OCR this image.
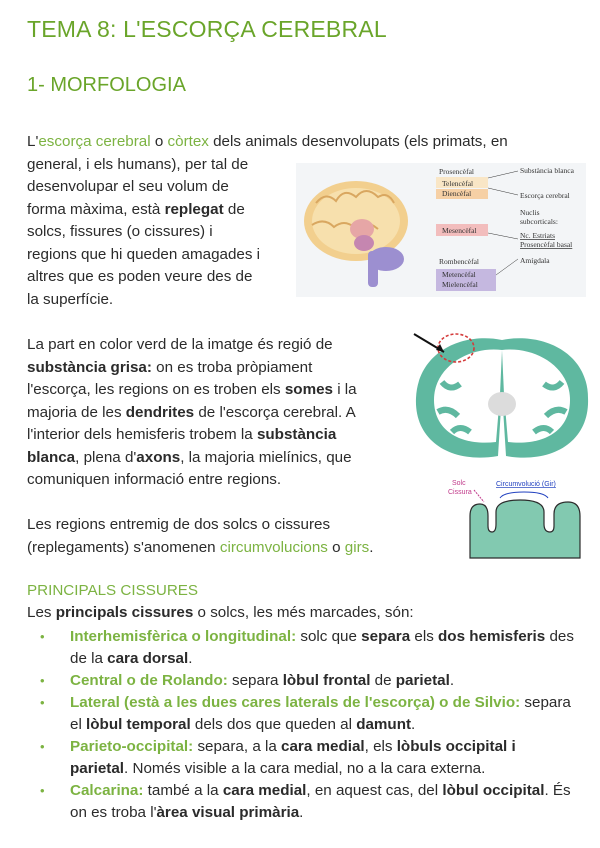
TEMA 8: L'ESCORÇA CEREBRAL
1- MORFOLOGIA

L'escorça cerebral o còrtex dels animals desenvolupats (els primats, en
general, i els humans), per tal de
desenvolupar el seu volum de
forma màxima, està replegat de
solcs, fissures (o cissures) i
regions que hi queden amagades i
altres que es poden veure des de
la superfície.

Prosencèfal
Telencèfal
Diencèfal
Mesencèfal
Rombencèfal
Metencèfal
Mielencèfal
Substància blanca
Escorça cerebral
Nuclis
subcorticals:
Nc. Estriats
Prosencèfal basal
Amígdala

La part en color verd de la imatge és regió de
substància grisa: on es troba pròpiament
l'escorça, les regions on es troben els somes i la
majoria de les dendrites de l'escorça cerebral. A
l'interior dels hemisferis trobem la substància
blanca, plena d'axons, la majoria mielínics, que
comuniquen informació entre regions.	Solc
Cissura
Circumvolució (Gir)

Les regions entremig de dos solcs o cissures
(replegaments) s'anomenen circumvolucions o girs.

PRINCIPALS CISSURES
Les principals cissures o solcs, les més marcades, són:
• Interhemisfèrica o longitudinal: solc que separa els dos hemisferis des de la cara dorsal.
• Central o de Rolando: separa lòbul frontal de parietal.
• Lateral (està a les dues cares laterals de l'escorça) o de Silvio: separa el lòbul temporal dels dos que queden al damunt.
• Parieto-occipital: separa, a la cara medial, els lòbuls occipital i parietal. Només visible a la cara medial, no a la cara externa.
• Calcarina: també a la cara medial, en aquest cas, del lòbul occipital. És on es troba l'àrea visual primària.
